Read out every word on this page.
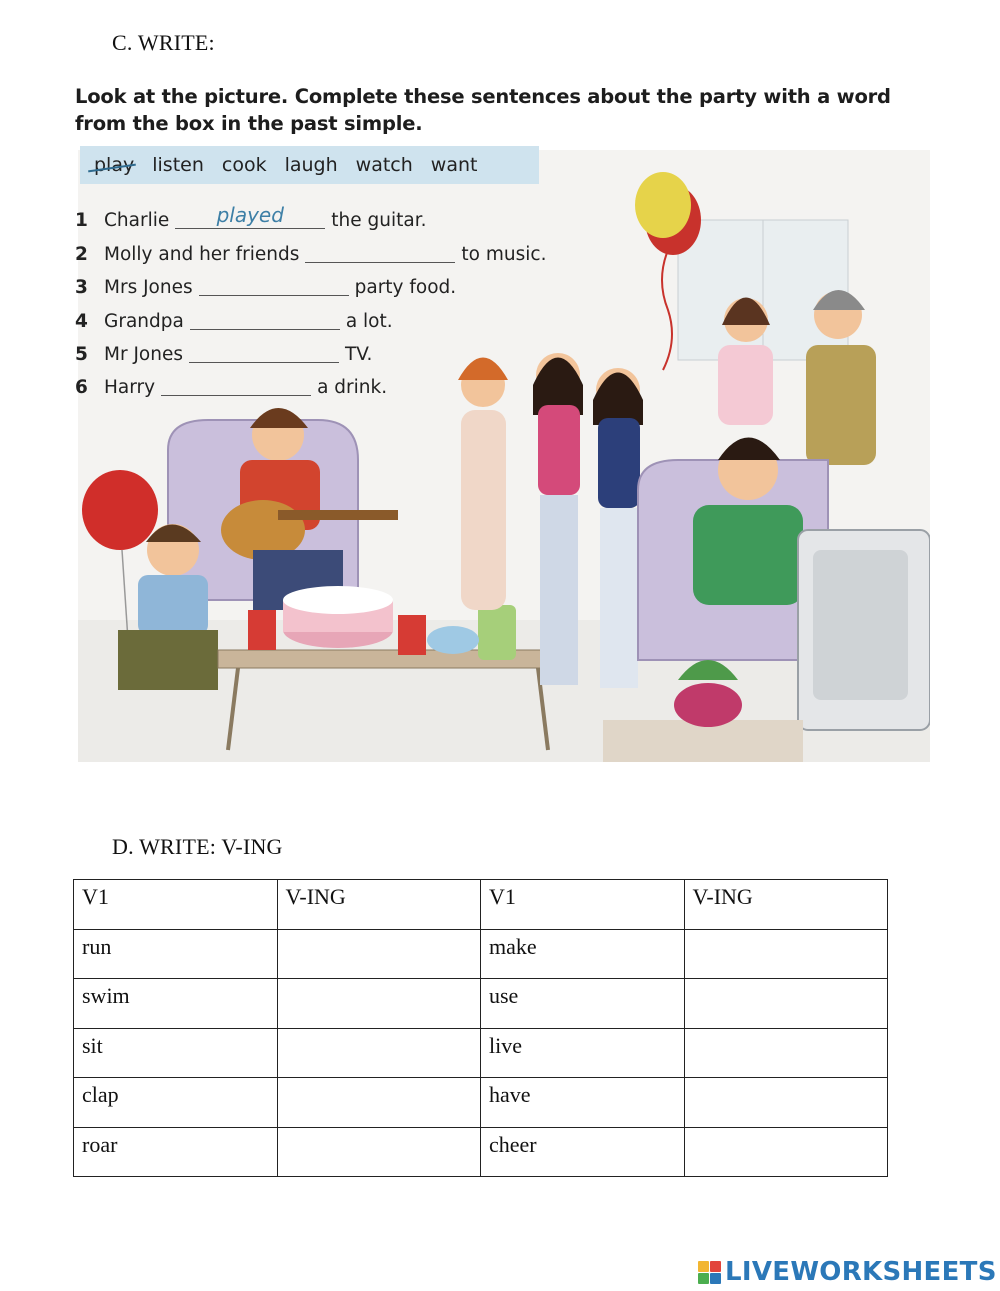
C. WRITE:
Look at the picture. Complete these sentences about the party with a word from the box in the past simple.
play listen cook laugh watch want
1 Charlie	played	the guitar.
2 Molly and her friends	to music.
3 Mrs Jones	party food.
4 Grandpa	a lot.
5 Mr Jones	TV.
6 Harry	a drink.
D. WRITE: V-ING
V1	V-ING	V1	V-ING
run		make	
swim		use	
sit		live	
clap		have	
roar		cheer	
LIVEWORKSHEETS
